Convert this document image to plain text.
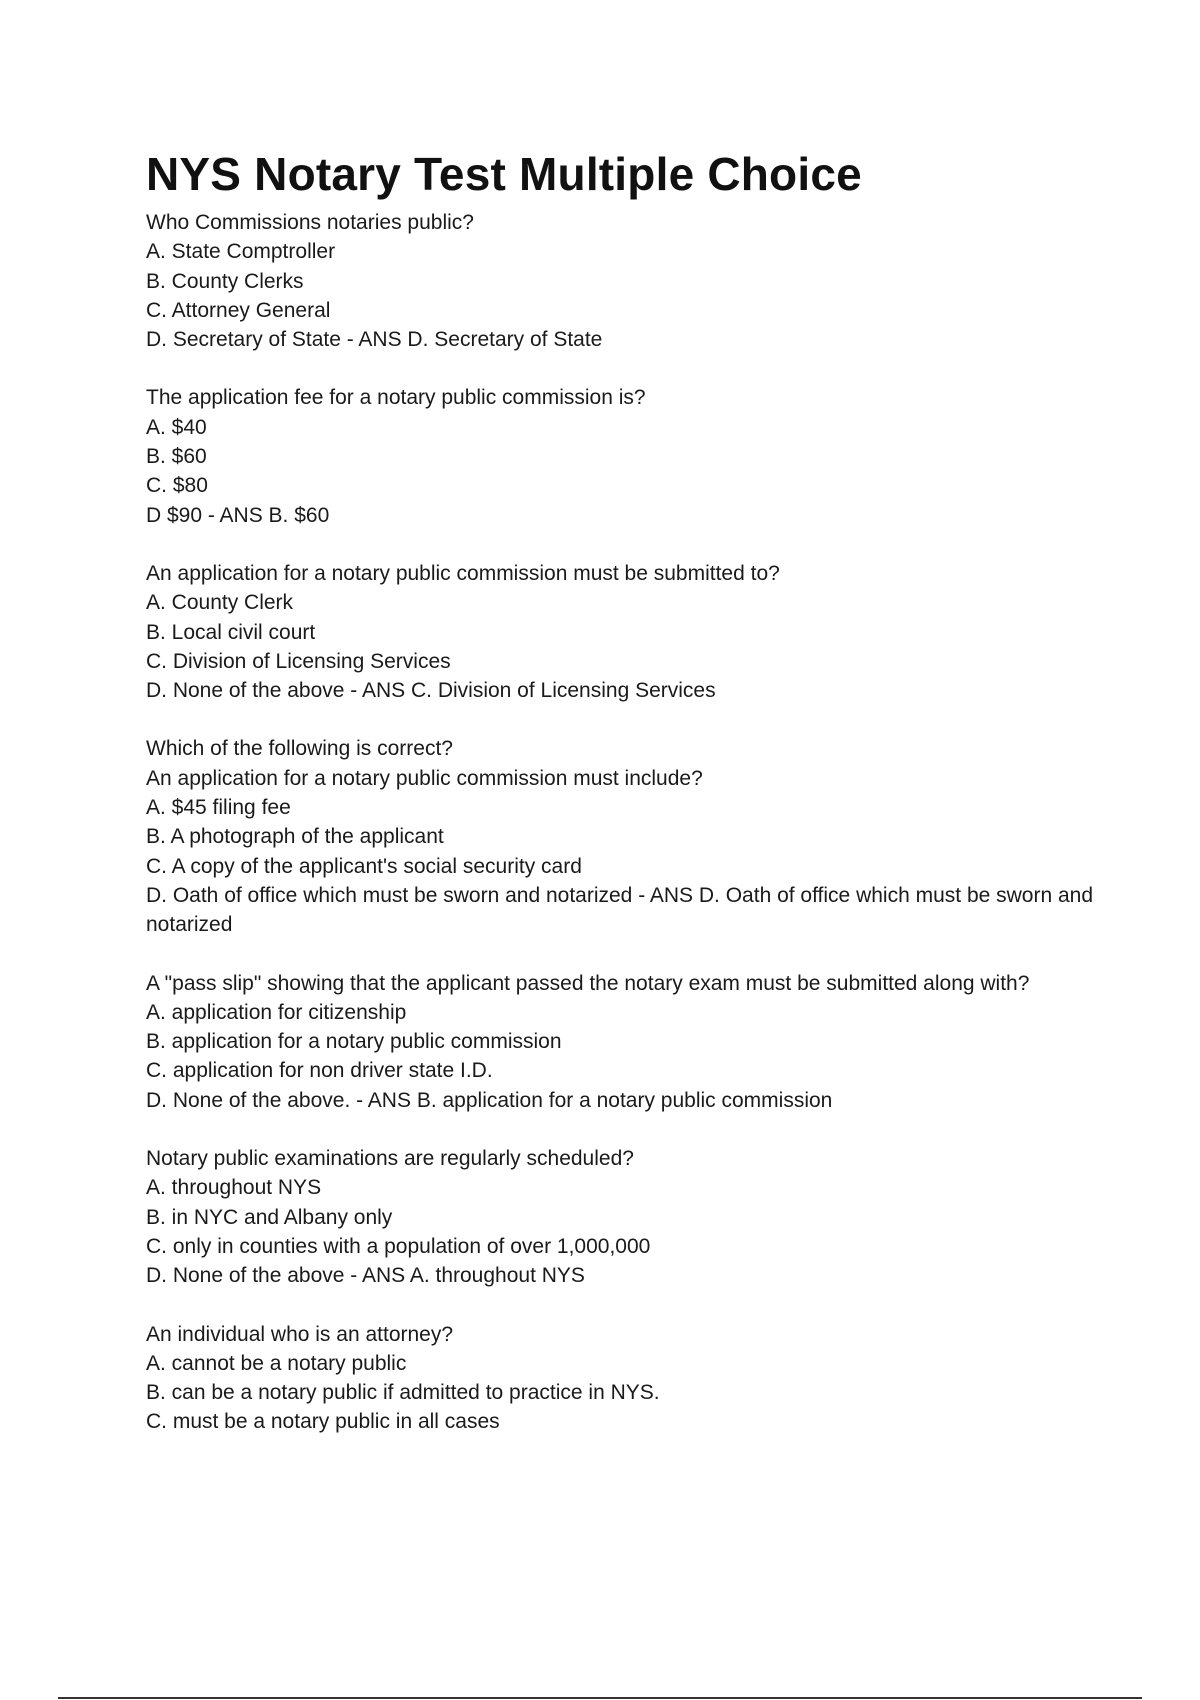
NYS Notary Test Multiple Choice
Who Commissions notaries public?
A. State Comptroller
B. County Clerks
C. Attorney General
D. Secretary of State - ANS D. Secretary of State
The application fee for a notary public commission is?
A. $40
B. $60
C. $80
D $90 - ANS B. $60
An application for a notary public commission must be submitted to?
A. County Clerk
B. Local civil court
C. Division of Licensing Services
D. None of the above - ANS C. Division of Licensing Services
Which of the following is correct?
An application for a notary public commission must include?
A. $45 filing fee
B. A photograph of the applicant
C. A copy of the applicant's social security card
D. Oath of office which must be sworn and notarized - ANS D. Oath of office which must be sworn and notarized
A "pass slip" showing that the applicant passed the notary exam must be submitted along with?
A. application for citizenship
B. application for a notary public commission
C. application for non driver state I.D.
D. None of the above. - ANS B. application for a notary public commission
Notary public examinations are regularly scheduled?
A. throughout NYS
B. in NYC and Albany only
C. only in counties with a population of over 1,000,000
D. None of the above - ANS A. throughout NYS
An individual who is an attorney?
A. cannot be a notary public
B. can be a notary public if admitted to practice in NYS.
C. must be a notary public in all cases
